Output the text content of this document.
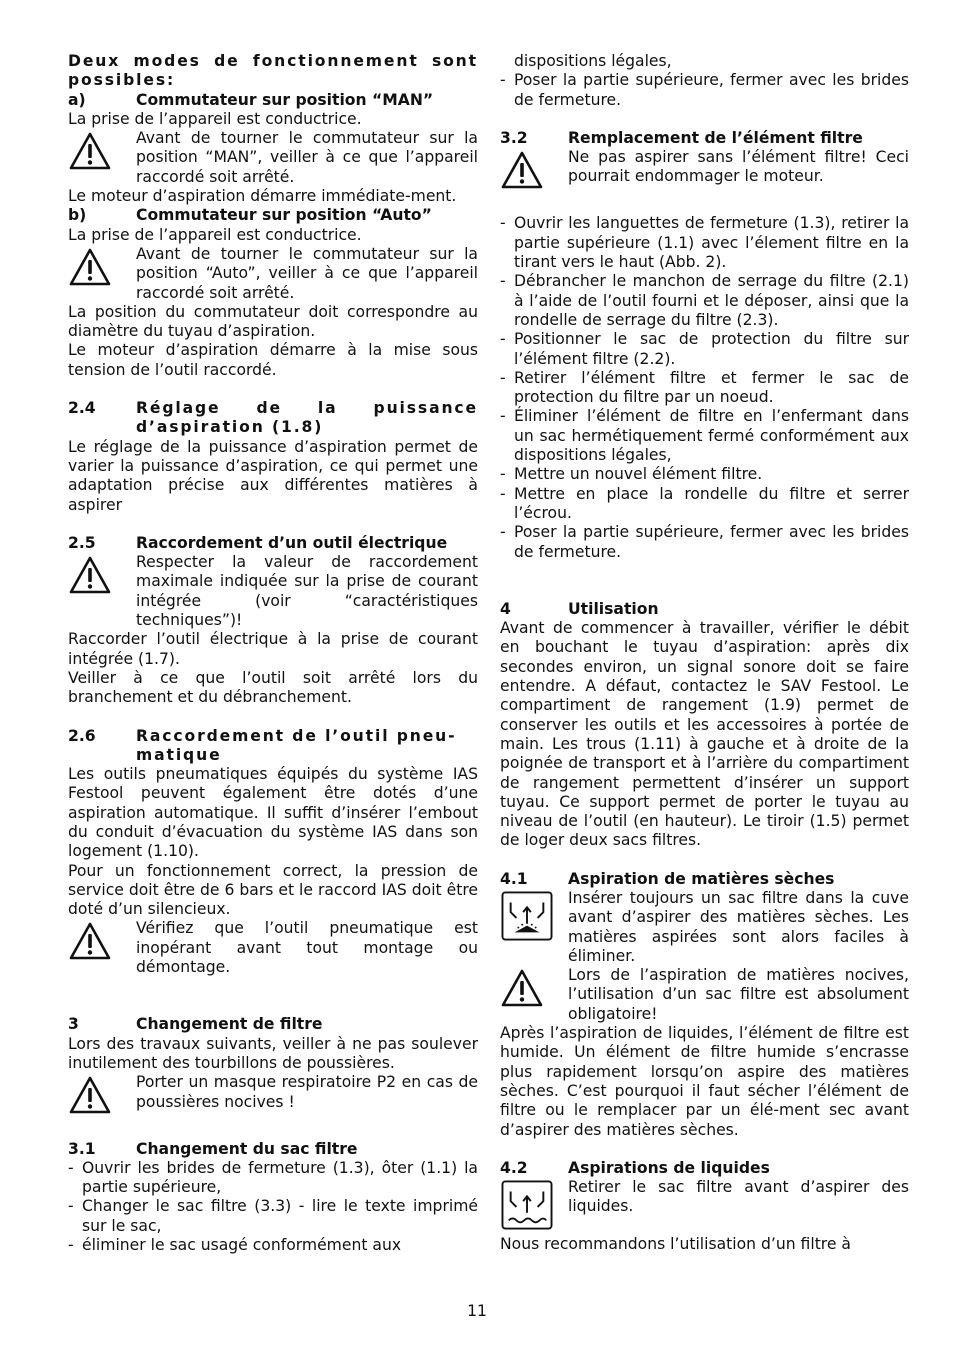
Deux modes de fonctionnement sont possibles:

a)	Commutateur sur position “MAN”

La prise de l’appareil est conductrice.

Avant de tourner le commutateur sur la position “MAN”, veiller à ce que l’appareil raccordé soit arrêté.

Le moteur d’aspiration démarre immédiate-ment.

b)	Commutateur sur position “Auto”

La prise de l’appareil est conductrice.

Avant de tourner le commutateur sur la position “Auto”, veiller à ce que l’appareil raccordé soit arrêté.

La position du commutateur doit correspondre au diamètre du tuyau d’aspiration.

Le moteur d’aspiration démarre à la mise sous tension de l’outil raccordé.

2.4	Réglage de la puissance d’aspiration (1.8)

Le réglage de la puissance d’aspiration permet de varier la puissance d’aspiration, ce qui permet une adaptation précise aux différentes matières à aspirer

2.5	Raccordement d’un outil électrique
Respecter la valeur de raccordement maximale indiquée sur la prise de courant intégrée (voir “caractéristiques techniques”)!

Raccorder l’outil électrique à la prise de courant intégrée (1.7).

Veiller à ce que l’outil soit arrêté lors du branchement et du débranchement.

2.6	Raccordement de l’outil pneu-matique

Les outils pneumatiques équipés du système IAS Festool peuvent également être dotés d’une aspiration automatique. Il suffit d’insérer l’embout du conduit d’évacuation du système IAS dans son logement (1.10).

Pour un fonctionnement correct, la pression de service doit être de 6 bars et le raccord IAS doit être doté d’un silencieux.

Vérifiez que l’outil pneumatique est inopérant avant tout montage ou démontage.
3	Changement de filtre

Lors des travaux suivants, veiller à ne pas soulever inutilement des tourbillons de poussières.

Porter un masque respiratoire P2 en cas de poussières nocives !
3.1	Changement du sac filtre
- Ouvrir les brides de fermeture (1.3), ôter (1.1) la partie supérieure,
- Changer le sac filtre (3.3) - lire le texte imprimé sur le sac,
- éliminer le sac usagé conformément aux
dispositions légales,
- Poser la partie supérieure, fermer avec les brides de fermeture.
3.2	Remplacement de l’élément filtre
Ne pas aspirer sans l’élément filtre! Ceci pourrait endommager le moteur.
- Ouvrir les languettes de fermeture (1.3), retirer la partie supérieure (1.1) avec l’élement filtre en la tirant vers le haut (Abb. 2).
- Débrancher le manchon de serrage du filtre (2.1) à l’aide de l’outil fourni et le déposer, ainsi que la rondelle de serrage du filtre (2.3).
- Positionner le sac de protection du filtre sur l’élément filtre (2.2).
- Retirer l’élément filtre et fermer le sac de protection du filtre par un noeud.
- Éliminer l’élément de filtre en l’enfermant dans un sac hermétiquement fermé conformément aux dispositions légales,
- Mettre un nouvel élément filtre.
- Mettre en place la rondelle du filtre et serrer l’écrou.
- Poser la partie supérieure, fermer avec les brides de fermeture.
4	Utilisation

Avant de commencer à travailler, vérifier le débit en bouchant le tuyau d’aspiration: après dix secondes environ, un signal sonore doit se faire entendre. A défaut, contactez le SAV Festool. Le compartiment de rangement (1.9) permet de conserver les outils et les accessoires à portée de main. Les trous (1.11) à gauche et à droite de la poignée de transport et à l’arrière du compartiment de rangement permettent d’insérer un support tuyau. Ce support permet de porter le tuyau au niveau de l’outil (en hauteur). Le tiroir (1.5) permet de loger deux sacs filtres.

4.1	Aspiration de matières sèches
Insérer toujours un sac filtre dans la cuve avant d’aspirer des matières sèches. Les matières aspirées sont alors faciles à éliminer.
Lors de l’aspiration de matières nocives, l’utilisation d’un sac filtre est absolument obligatoire!

Après l’aspiration de liquides, l’élément de filtre est humide. Un élément de filtre humide s’encrasse plus rapidement lorsqu’on aspire des matières sèches. C’est pourquoi il faut sécher l’élément de filtre ou le remplacer par un élé-ment sec avant d’aspirer des matières sèches.

4.2	Aspirations de liquides
Retirer le sac filtre avant d’aspirer des liquides.

Nous recommandons l’utilisation d’un filtre à

11
